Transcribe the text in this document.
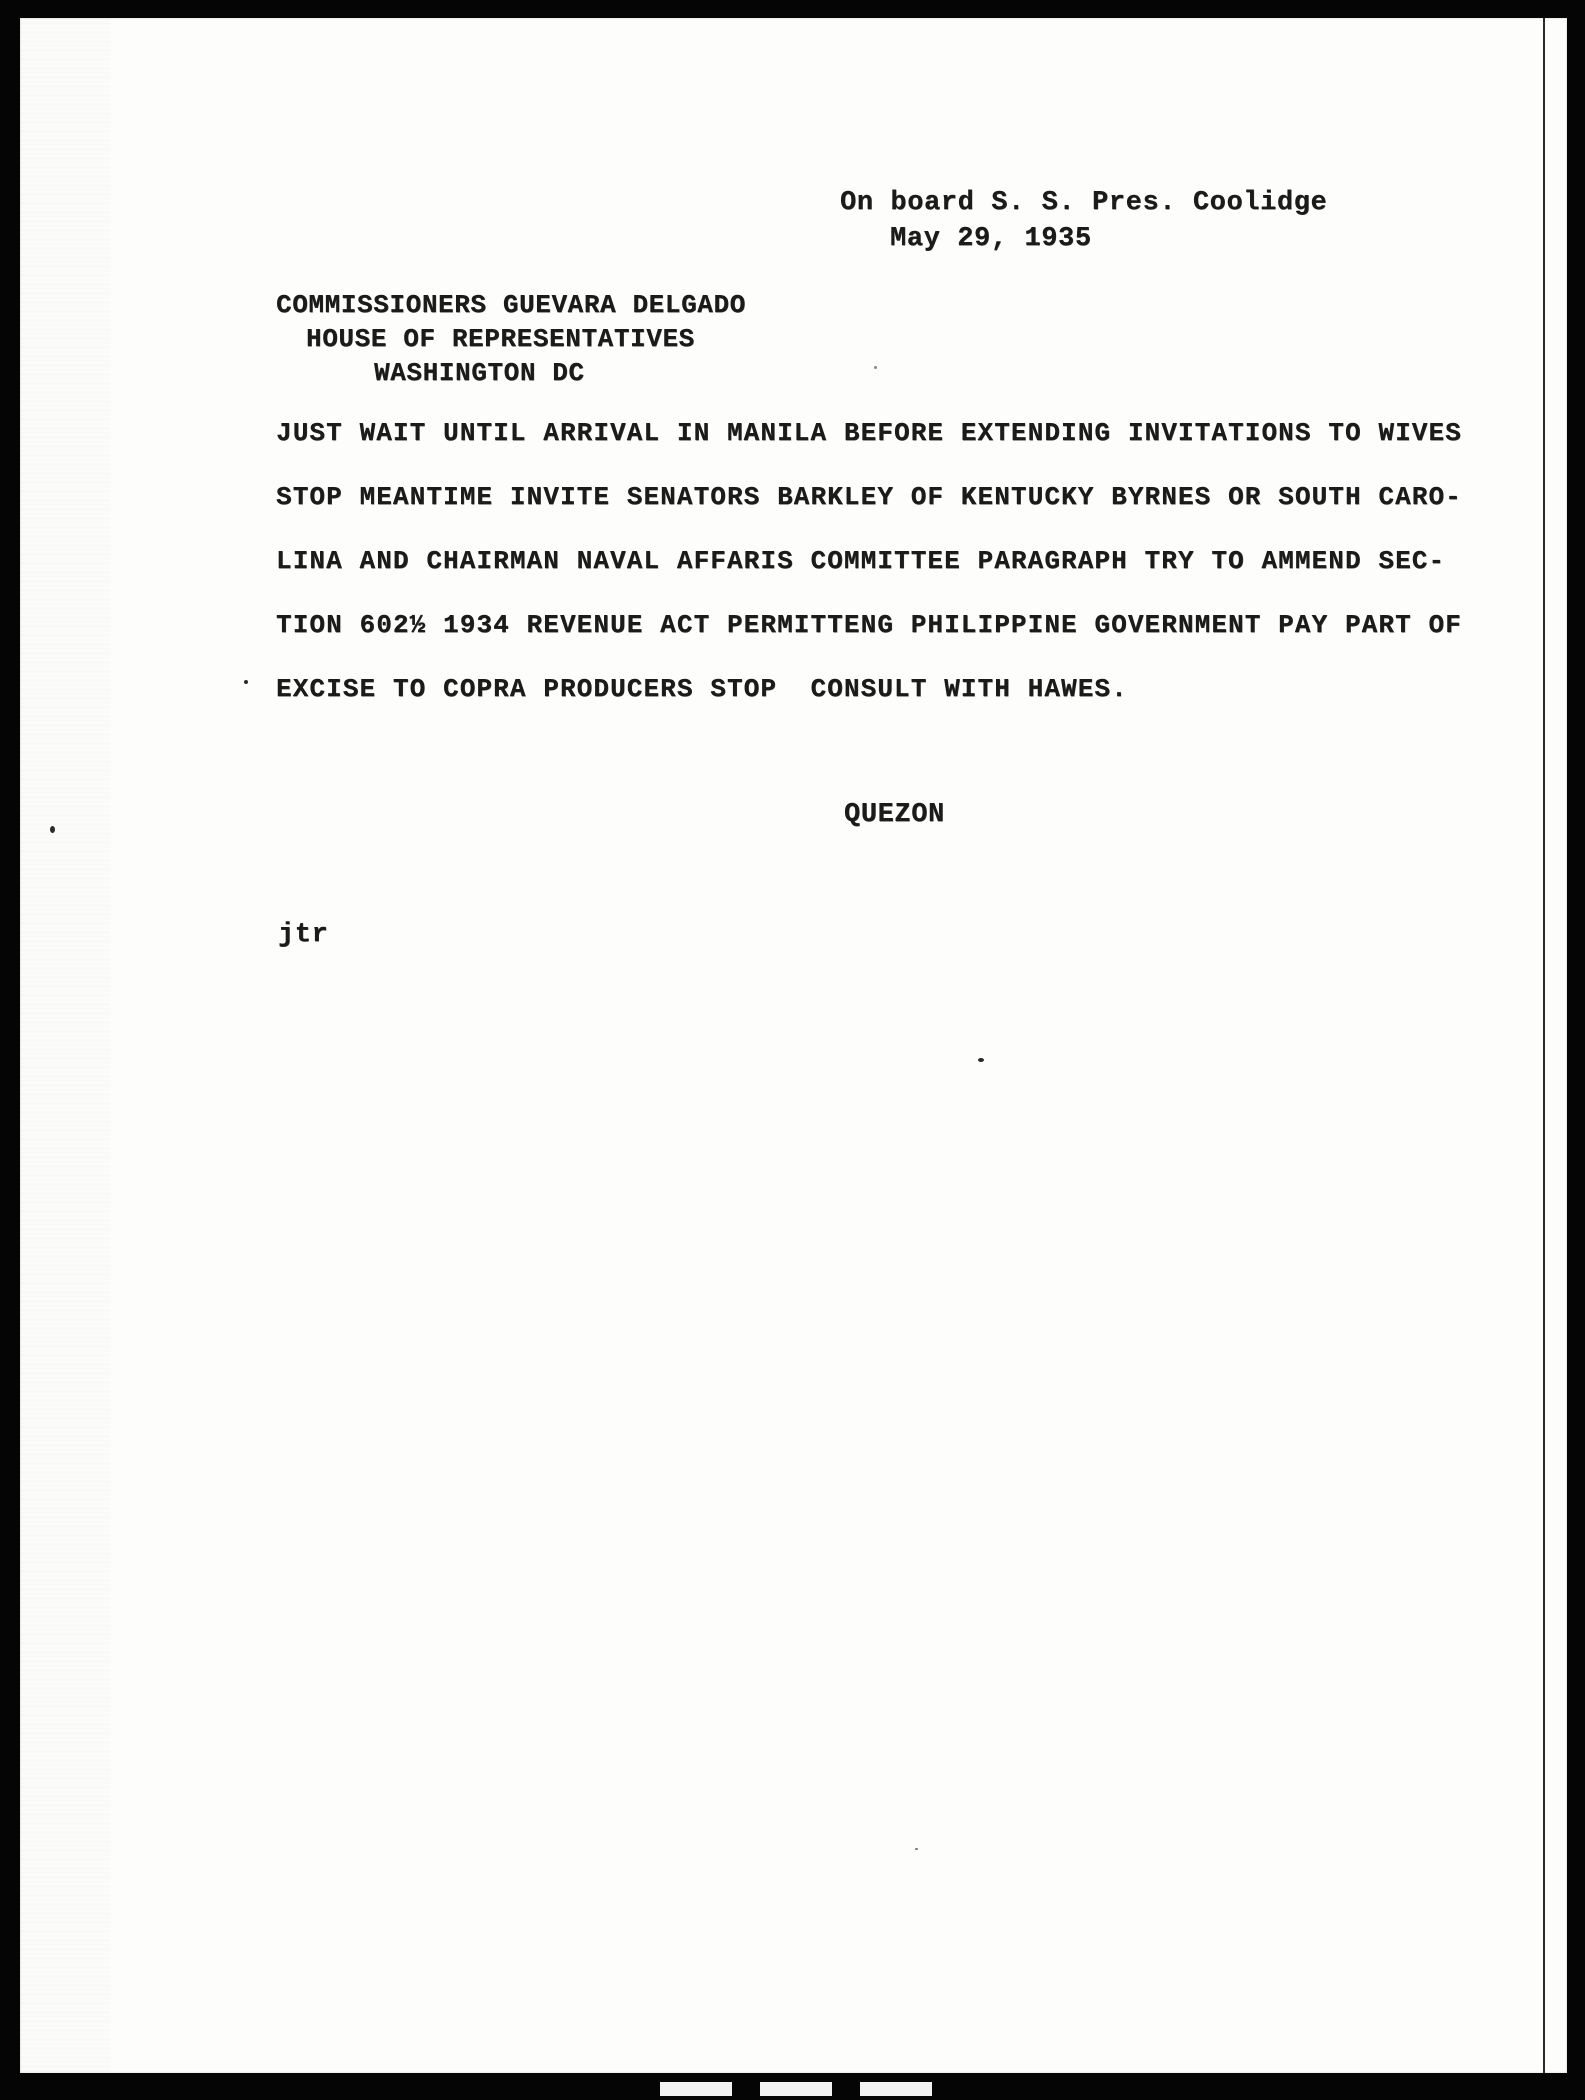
On board S. S. Pres. Coolidge
May 29, 1935
COMMISSIONERS GUEVARA DELGADO
HOUSE OF REPRESENTATIVES
WASHINGTON DC
JUST WAIT UNTIL ARRIVAL IN MANILA BEFORE EXTENDING INVITATIONS TO WIVES
STOP MEANTIME INVITE SENATORS BARKLEY OF KENTUCKY BYRNES OR SOUTH CARO-
LINA AND CHAIRMAN NAVAL AFFARIS COMMITTEE PARAGRAPH TRY TO AMMEND SEC-
TION 602½ 1934 REVENUE ACT PERMITTENG PHILIPPINE GOVERNMENT PAY PART OF
EXCISE TO COPRA PRODUCERS STOP  CONSULT WITH HAWES.
QUEZON
jtr
